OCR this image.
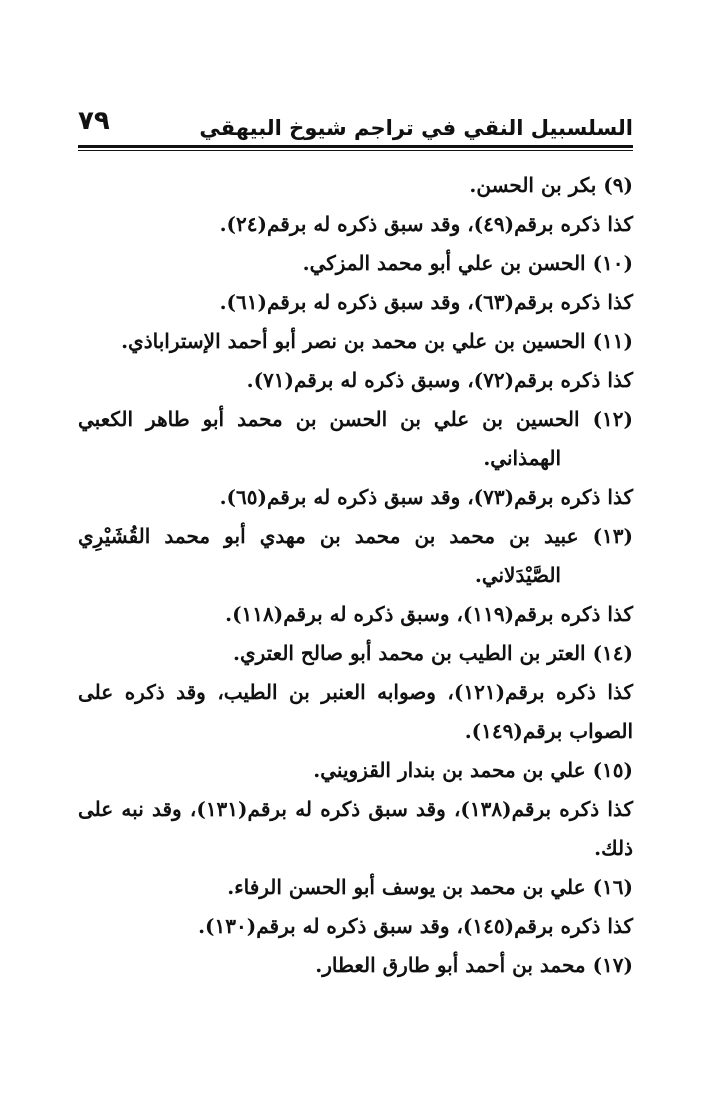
٧٩	السلسبيل النقي في تراجم شيوخ البيهقي
(٩) بكر بن الحسن.
كذا ذكره برقم(٤٩)، وقد سبق ذكره له برقم(٢٤).
(١٠) الحسن بن علي أبو محمد المزكي.
كذا ذكره برقم(٦٣)، وقد سبق ذكره له برقم(٦١).
(١١) الحسين بن علي بن محمد بن نصر أبو أحمد الإستراباذي.
كذا ذكره برقم(٧٢)، وسبق ذكره له برقم(٧١).
(١٢) الحسين بن علي بن الحسن بن محمد أبو طاهر الكعبي
الهمذاني.
كذا ذكره برقم(٧٣)، وقد سبق ذكره له برقم(٦٥).
(١٣) عبيد بن محمد بن محمد بن مهدي أبو محمد القُشَيْرِي
الصَّيْدَلاني.
كذا ذكره برقم(١١٩)، وسبق ذكره له برقم(١١٨).
(١٤) العتر بن الطيب بن محمد أبو صالح العتري.
كذا ذكره برقم(١٢١)، وصوابه العنبر بن الطيب، وقد ذكره على
الصواب برقم(١٤٩).
(١٥) علي بن محمد بن بندار القزويني.
كذا ذكره برقم(١٣٨)، وقد سبق ذكره له برقم(١٣١)، وقد نبه على
ذلك.
(١٦) علي بن محمد بن يوسف أبو الحسن الرفاء.
كذا ذكره برقم(١٤٥)، وقد سبق ذكره له برقم(١٣٠).
(١٧) محمد بن أحمد أبو طارق العطار.
